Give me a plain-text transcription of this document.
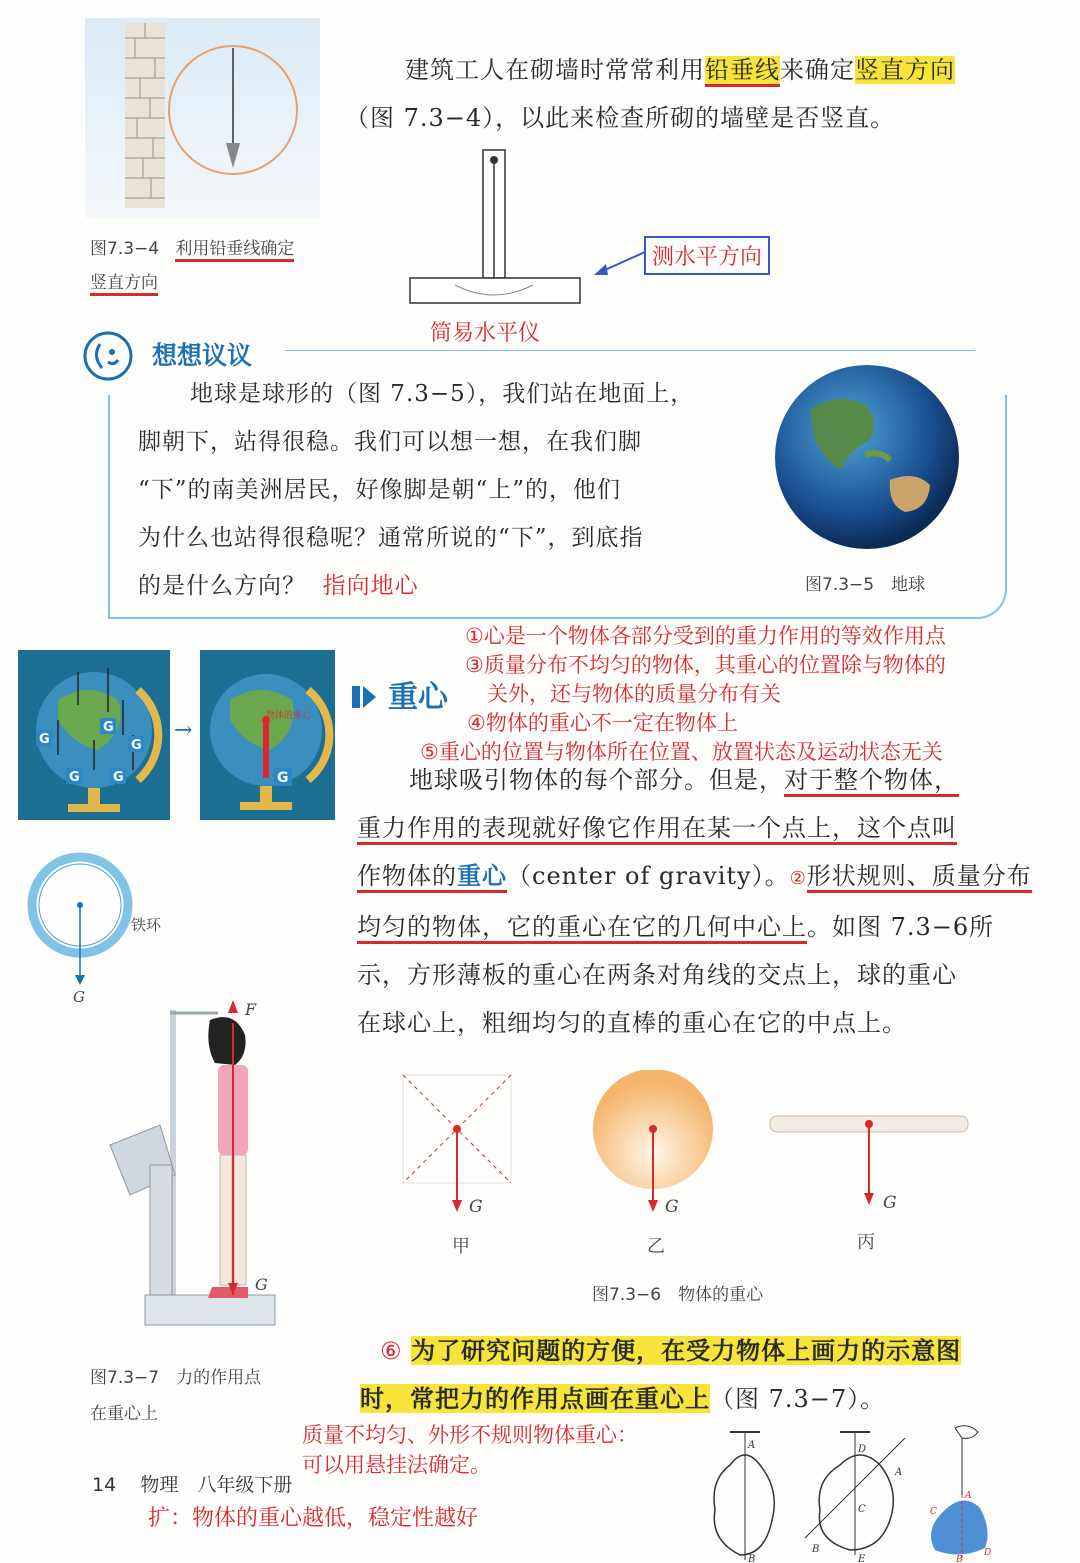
图7.3−4 利用铅垂线确定
竖直方向
建筑工人在砌墙时常常利用铅垂线来确定竖直方向
（图 7.3−4），以此来检查所砌的墙壁是否竖直。
测水平方向
简易水平仪
想想议议
地球是球形的（图 7.3−5），我们站在地面上，
脚朝下，站得很稳。我们可以想一想，在我们脚
“下”的南美洲居民，好像脚是朝“上”的，他们
为什么也站得很稳呢？通常所说的“下”，到底指
的是什么方向？ 指向地心	图7.3−5　地球
①心是一个物体各部分受到的重力作用的等效作用点
③质量分布不均匀的物体，其重心的位置除与物体的
关外，还与物体的质量分布有关
④物体的重心不一定在物体上
⑤重心的位置与物体所在位置、放置状态及运动状态无关
重心
G
G	G
G	G
→
物体的重心
G	地球吸引物体的每个部分。但是，对于整个物体，
重力作用的表现就好像它作用在某一个点上，这个点叫
作物体的重心（center of gravity）。②形状规则、质量分布
均匀的物体，它的重心在它的几何中心上。如图 7.3−6所
示，方形薄板的重心在两条对角线的交点上，球的重心
在球心上，粗细均匀的直棒的重心在它的中点上。
铁环
G
F
G
图7.3−7　力的作用点
在重心上
G
甲
G
乙
G
丙
图7.3−6　物体的重心
⑥ 为了研究问题的方便，在受力物体上画力的示意图
时，常把力的作用点画在重心上（图 7.3−7）。
质量不均匀、外形不规则物体重心：
可以用悬挂法确定。
A
B
D
A
C
B
E
A
C
D
B
14 物理　八年级下册
扩：物体的重心越低，稳定性越好
